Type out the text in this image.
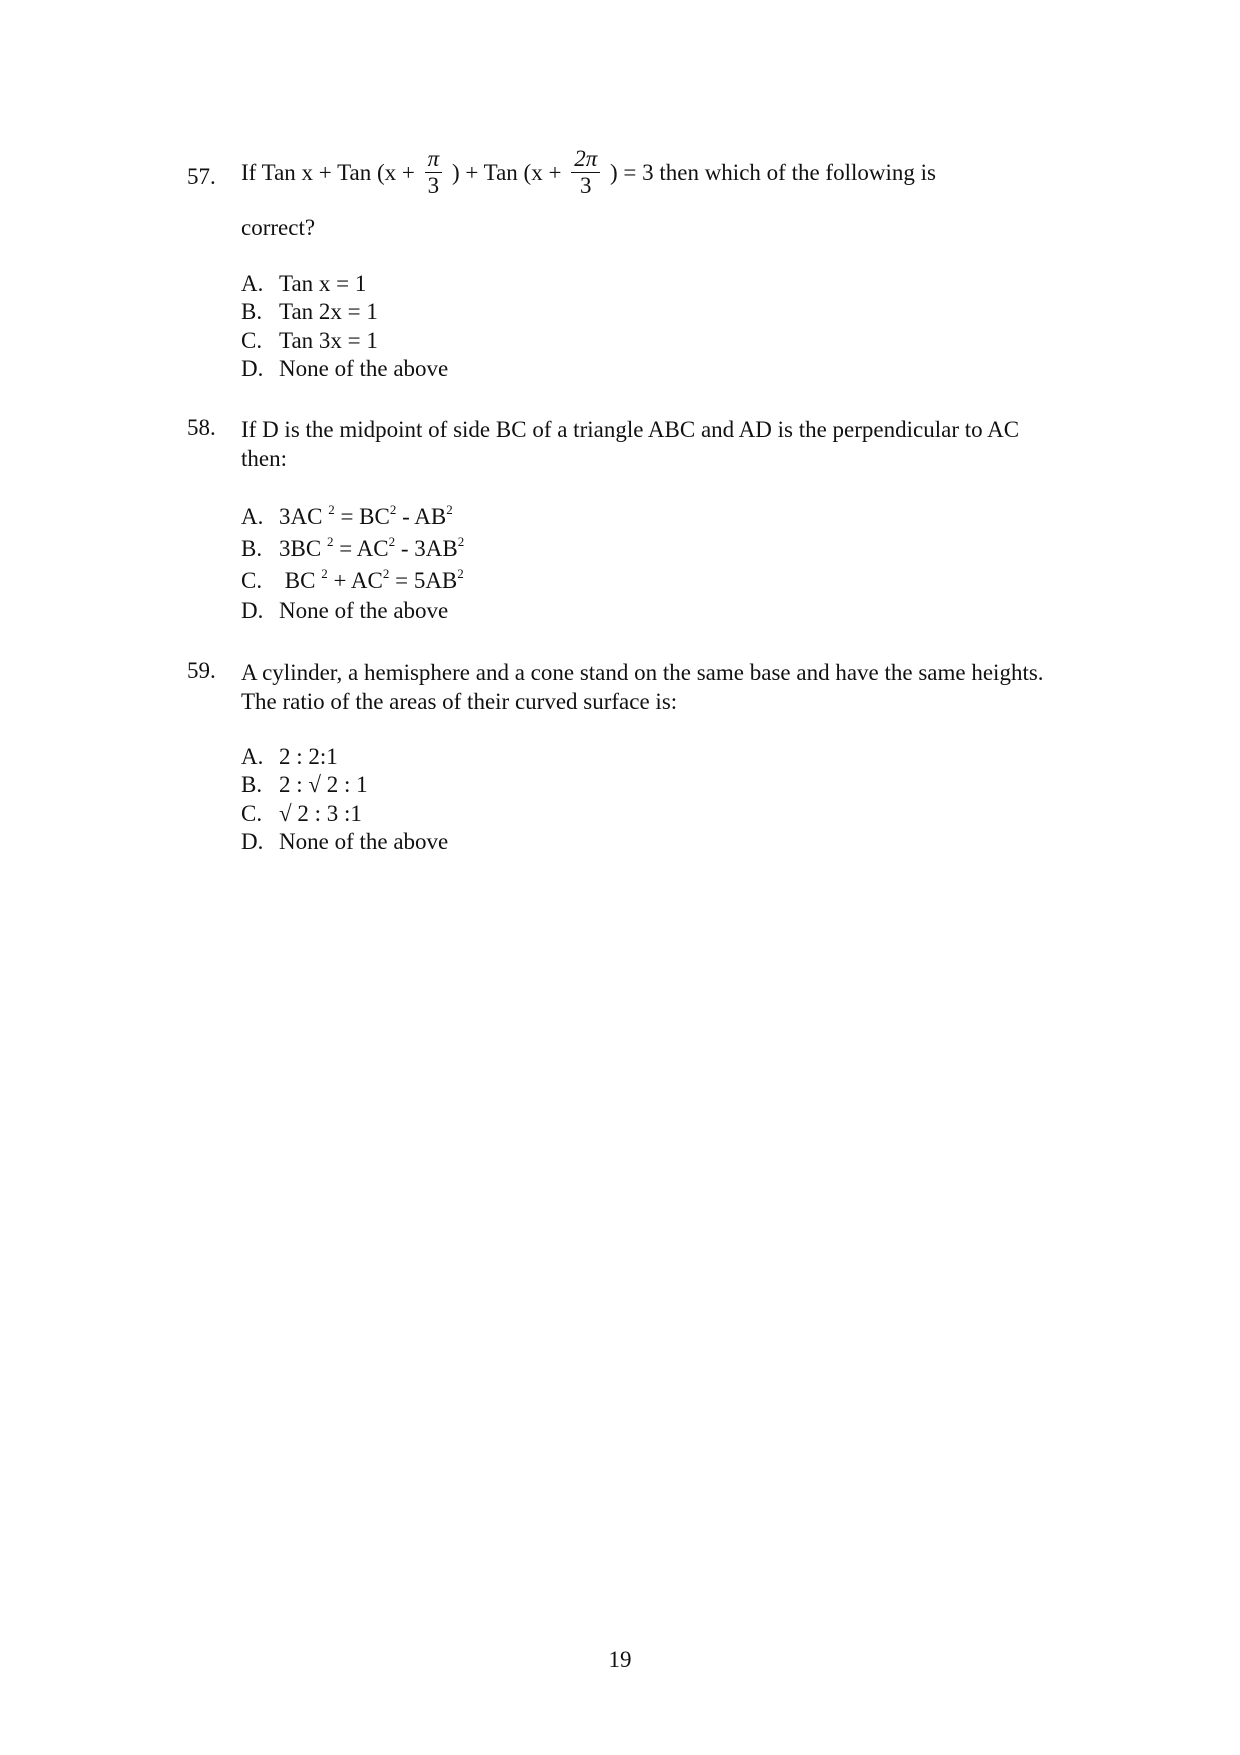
57. If Tan x + Tan ($x + \frac{\pi}{3}$ ) + Tan ($x + \frac{2\pi}{3}$ ) = 3 then which of the following is
correct?
A. Tan x = 1
B. Tan 2x = 1
C. Tan 3x = 1
D. None of the above
58. If D is the midpoint of side BC of a triangle ABC and AD is the perpendicular to AC then:
A. 3AC $^2 = BC^2 - AB^2$
B. 3BC $^2 = AC^2 - 3AB^2$
C. BC $^2 + AC^2 = 5AB^2$
D. None of the above
59. A cylinder, a hemisphere and a cone stand on the same base and have the same heights. The ratio of the areas of their curved surface is:
A. 2 : 2:1
B. 2 : √ 2 : 1
C. √ 2 : 3 :1
D. None of the above
19
